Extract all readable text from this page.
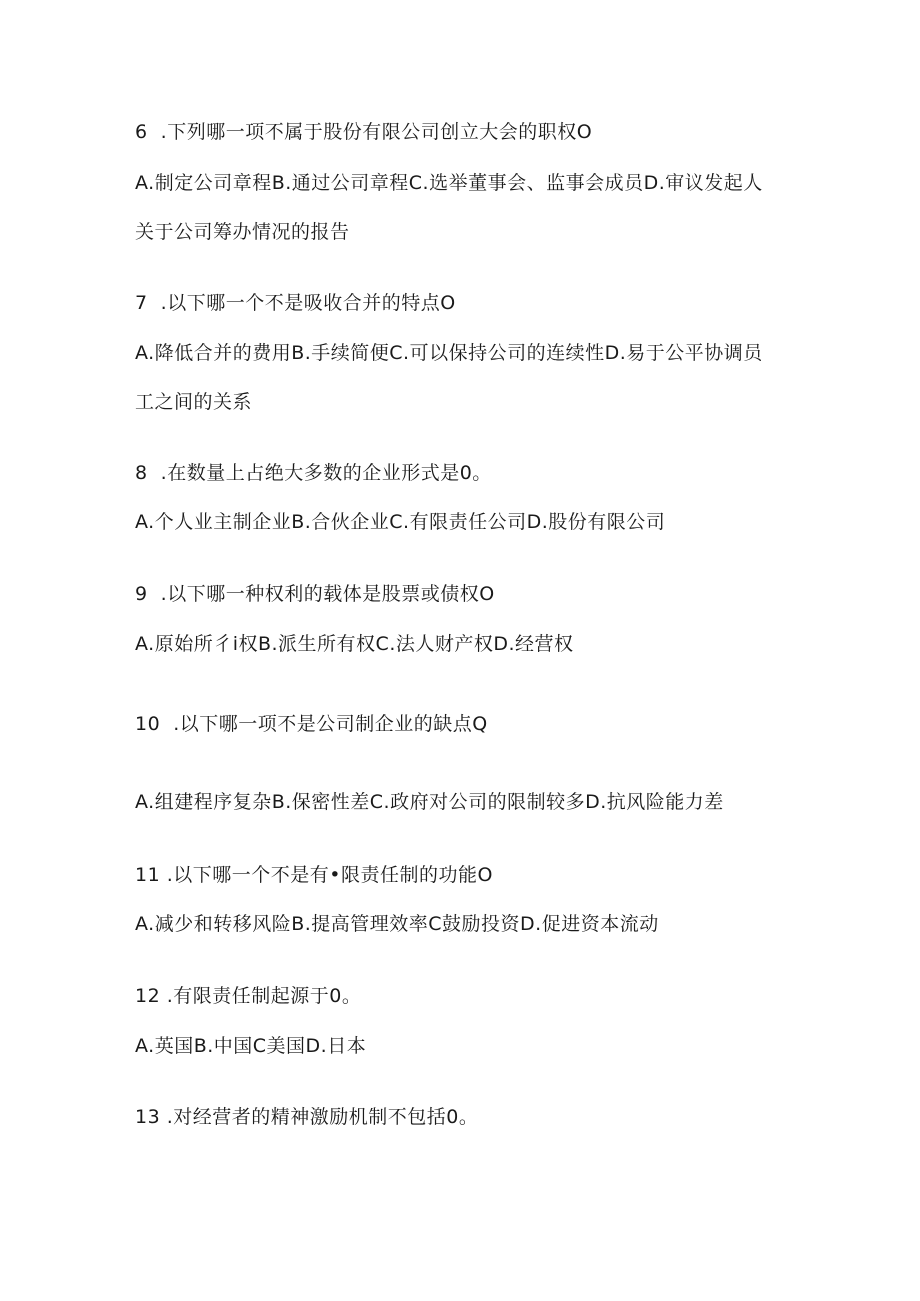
6  .下列哪一项不属于股份有限公司创立大会的职权O
A.制定公司章程B.通过公司章程C.选举董事会、监事会成员D.审议发起人
关于公司筹办情况的报告
7  .以下哪一个不是吸收合并的特点O
A.降低合并的费用B.手续简便C.可以保持公司的连续性D.易于公平协调员
工之间的关系
8  .在数量上占绝大多数的企业形式是0。
A.个人业主制企业B.合伙企业C.有限责任公司D.股份有限公司
9  .以下哪一种权利的载体是股票或债权O
A.原始所彳i权B.派生所有权C.法人财产权D.经营权
10  .以下哪一项不是公司制企业的缺点Q
A.组建程序复杂B.保密性差C.政府对公司的限制较多D.抗风险能力差
11 .以下哪一个不是有•限责任制的功能O
A.减少和转移风险B.提高管理效率C鼓励投资D.促进资本流动
12 .有限责任制起源于0。
A.英国B.中国C美国D.日本
13 .对经营者的精神激励机制不包括0。
